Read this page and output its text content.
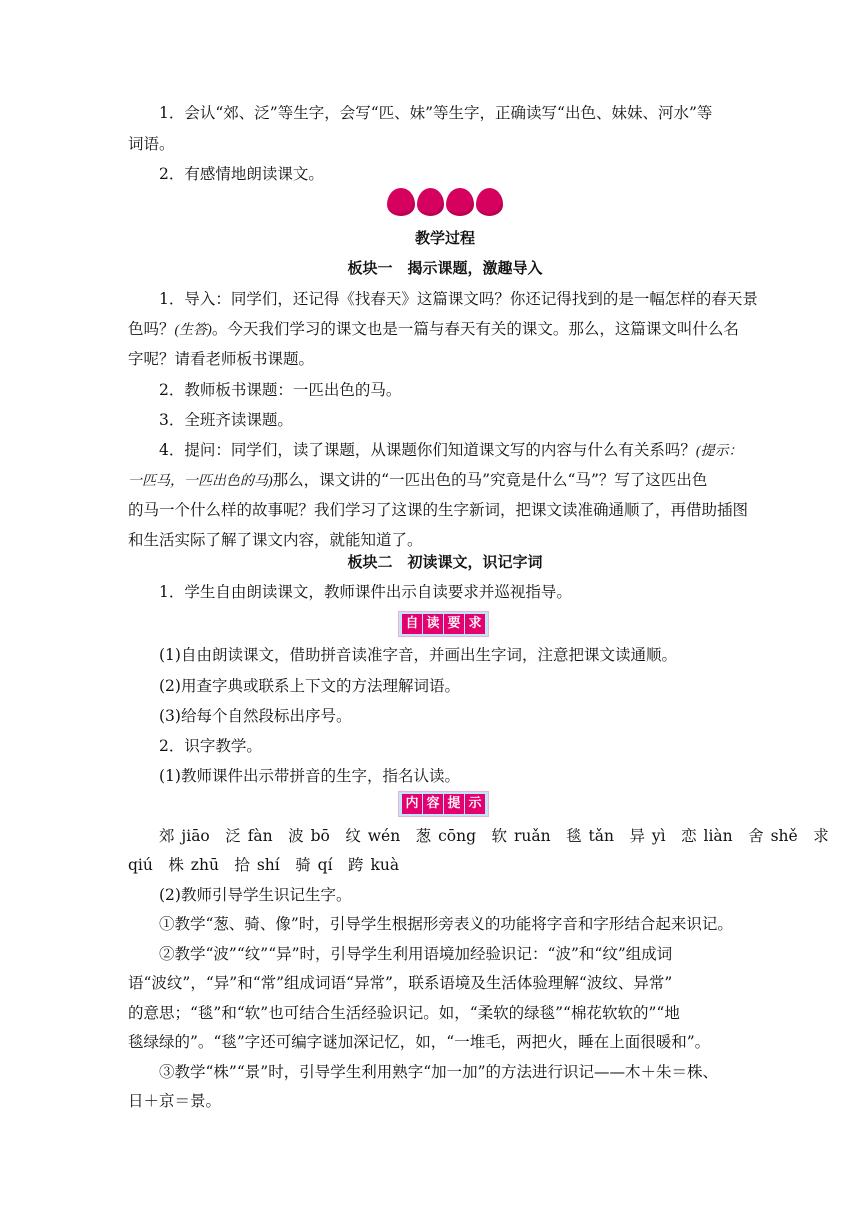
1．会认“郊、泛”等生字，会写“匹、妹”等生字，正确读写“出色、妹妹、河水”等
词语。
2．有感情地朗读课文。
教学过程
板块一　揭示课题，激趣导入
1．导入：同学们，还记得《找春天》这篇课文吗？你还记得找到的是一幅怎样的春天景
色吗？(生答)。今天我们学习的课文也是一篇与春天有关的课文。那么，这篇课文叫什么名
字呢？请看老师板书课题。
2．教师板书课题：一匹出色的马。
3．全班齐读课题。
4．提问：同学们，读了课题，从课题你们知道课文写的内容与什么有关系吗？(提示：
一匹马，一匹出色的马)那么，课文讲的“一匹出色的马”究竟是什么“马”？写了这匹出色
的马一个什么样的故事呢？我们学习了这课的生字新词，把课文读准确通顺了，再借助插图
和生活实际了解了课文内容，就能知道了。
板块二　初读课文，识记字词
1．学生自由朗读课文，教师课件出示自读要求并巡视指导。
自 读 要 求
(1)自由朗读课文，借助拼音读准字音，并画出生字词，注意把课文读通顺。
(2)用查字典或联系上下文的方法理解词语。
(3)给每个自然段标出序号。
2．识字教学。
(1)教师课件出示带拼音的生字，指名认读。
内 容 提 示
郊 jiāo　泛 fàn　波 bō　纹 wén　葱 cōng　软 ruǎn　毯 tǎn　异 yì　恋 liàn　舍 shě　求
qiú　株 zhū　拾 shí　骑 qí　跨 kuà
(2)教师引导学生识记生字。
①教学“葱、骑、像”时，引导学生根据形旁表义的功能将字音和字形结合起来识记。
②教学“波”“纹”“异”时，引导学生利用语境加经验识记：“波”和“纹”组成词
语“波纹”，“异”和“常”组成词语“异常”，联系语境及生活体验理解“波纹、异常”
的意思；“毯”和“软”也可结合生活经验识记。如，“柔软的绿毯”“棉花软软的”“地
毯绿绿的”。“毯”字还可编字谜加深记忆，如，“一堆毛，两把火，睡在上面很暖和”。
③教学“株”“景”时，引导学生利用熟字“加一加”的方法进行识记——木＋朱＝株、
日＋京＝景。
